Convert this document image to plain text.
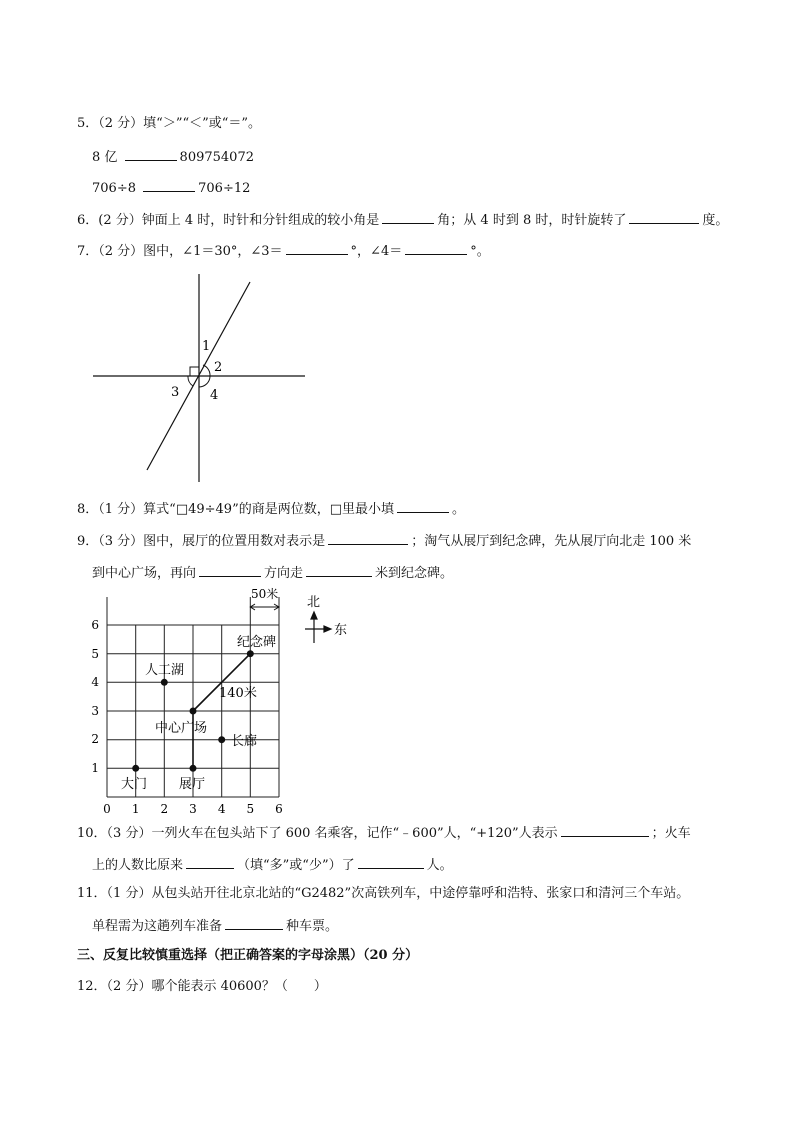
5．（2 分）填“＞”“＜”或“＝”。
8 亿	809754072
706÷8	706÷12
6．(2 分）钟面上 4 时，时针和分针组成的较小角是	角；从 4 时到 8 时，时针旋转了	度。
7．（2 分）图中，∠1＝30°，∠3＝	°，∠4＝	°。
1
2
3 4
8．（1 分）算式“□49÷49”的商是两位数，□里最小填	。
9．（3 分）图中，展厅的位置用数对表示是	；淘气从展厅到纪念碑，先从展厅向北走 100 米
到中心广场，再向	方向走	米到纪念碑。
50米
北
东
纪念碑
人工湖
140米
中心广场
长廊
大门 展厅
0 1 2 3 4 5 6
1
2
3
4
5
6
10．（3 分）一列火车在包头站下了 600 名乘客，记作“﹣600”人，“+120”人表示	；火车
上的人数比原来	（填“多”或“少”）了	人。
11．（1 分）从包头站开往北京北站的“G2482”次高铁列车，中途停靠呼和浩特、张家口和清河三个车站。
单程需为这趟列车准备	种车票。
三、反复比较慎重选择（把正确答案的字母涂黑）（20 分）
12．（2 分）哪个能表示 40600？（　　）
